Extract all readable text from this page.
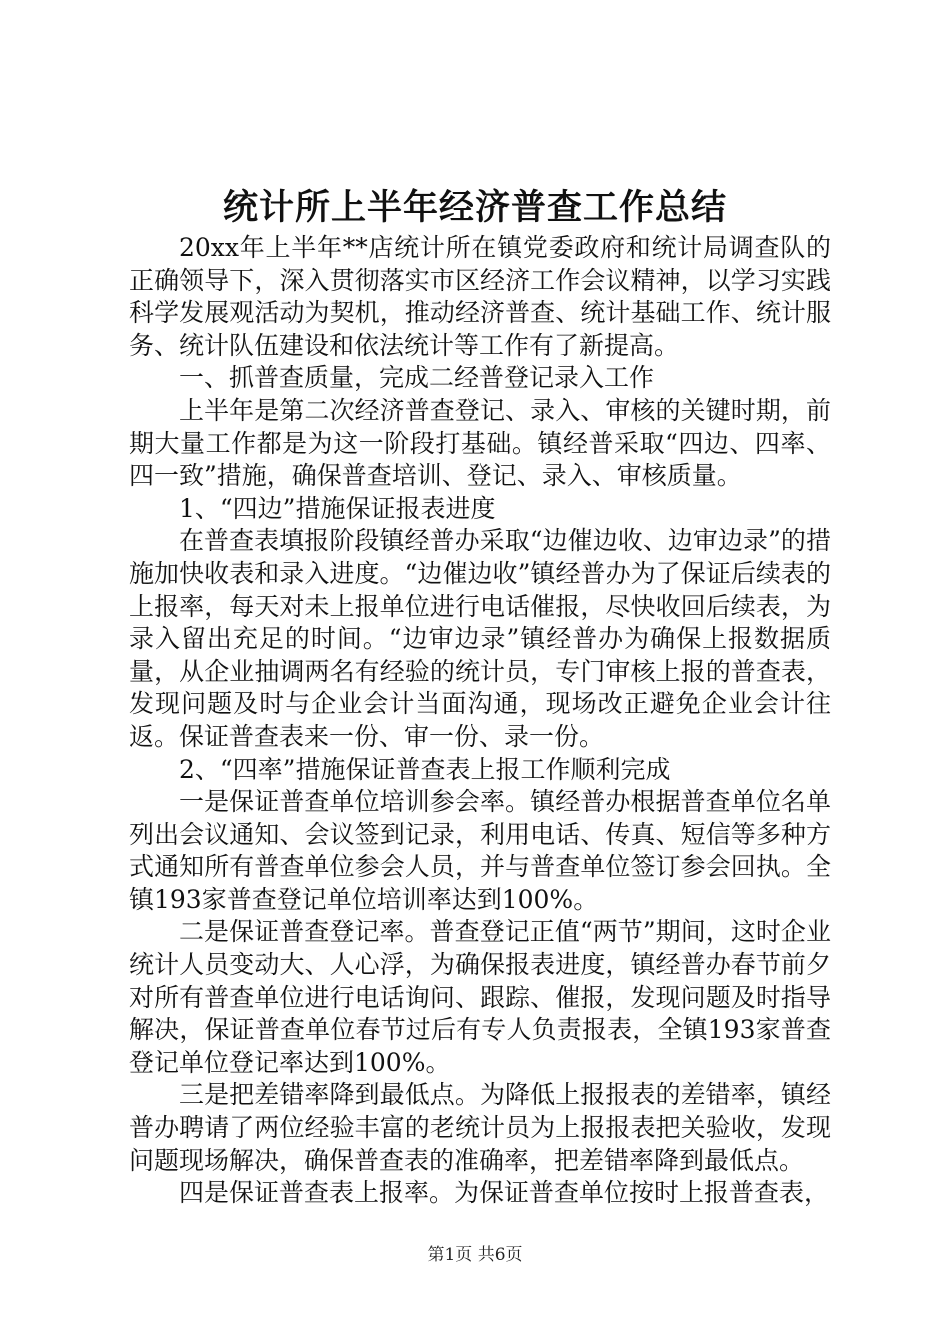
统计所上半年经济普查工作总结

20xx年上半年**店统计所在镇党委政府和统计局调查队的正确领导下，深入贯彻落实市区经济工作会议精神，以学习实践科学发展观活动为契机，推动经济普查、统计基础工作、统计服务、统计队伍建设和依法统计等工作有了新提高。

一、抓普查质量，完成二经普登记录入工作

上半年是第二次经济普查登记、录入、审核的关键时期，前期大量工作都是为这一阶段打基础。镇经普采取“四边、四率、四一致”措施，确保普查培训、登记、录入、审核质量。

1、“四边”措施保证报表进度

在普查表填报阶段镇经普办采取“边催边收、边审边录”的措施加快收表和录入进度。“边催边收”镇经普办为了保证后续表的上报率，每天对未上报单位进行电话催报，尽快收回后续表，为录入留出充足的时间。“边审边录”镇经普办为确保上报数据质量，从企业抽调两名有经验的统计员，专门审核上报的普查表，发现问题及时与企业会计当面沟通，现场改正避免企业会计往返。保证普查表来一份、审一份、录一份。

2、“四率”措施保证普查表上报工作顺利完成

一是保证普查单位培训参会率。镇经普办根据普查单位名单列出会议通知、会议签到记录，利用电话、传真、短信等多种方式通知所有普查单位参会人员，并与普查单位签订参会回执。全镇193家普查登记单位培训率达到100%。

二是保证普查登记率。普查登记正值“两节”期间，这时企业统计人员变动大、人心浮，为确保报表进度，镇经普办春节前夕对所有普查单位进行电话询问、跟踪、催报，发现问题及时指导解决，保证普查单位春节过后有专人负责报表，全镇193家普查登记单位登记率达到100%。

三是把差错率降到最低点。为降低上报报表的差错率，镇经普办聘请了两位经验丰富的老统计员为上报报表把关验收，发现问题现场解决，确保普查表的准确率，把差错率降到最低点。

四是保证普查表上报率。为保证普查单位按时上报普查表，

第1页 共6页
